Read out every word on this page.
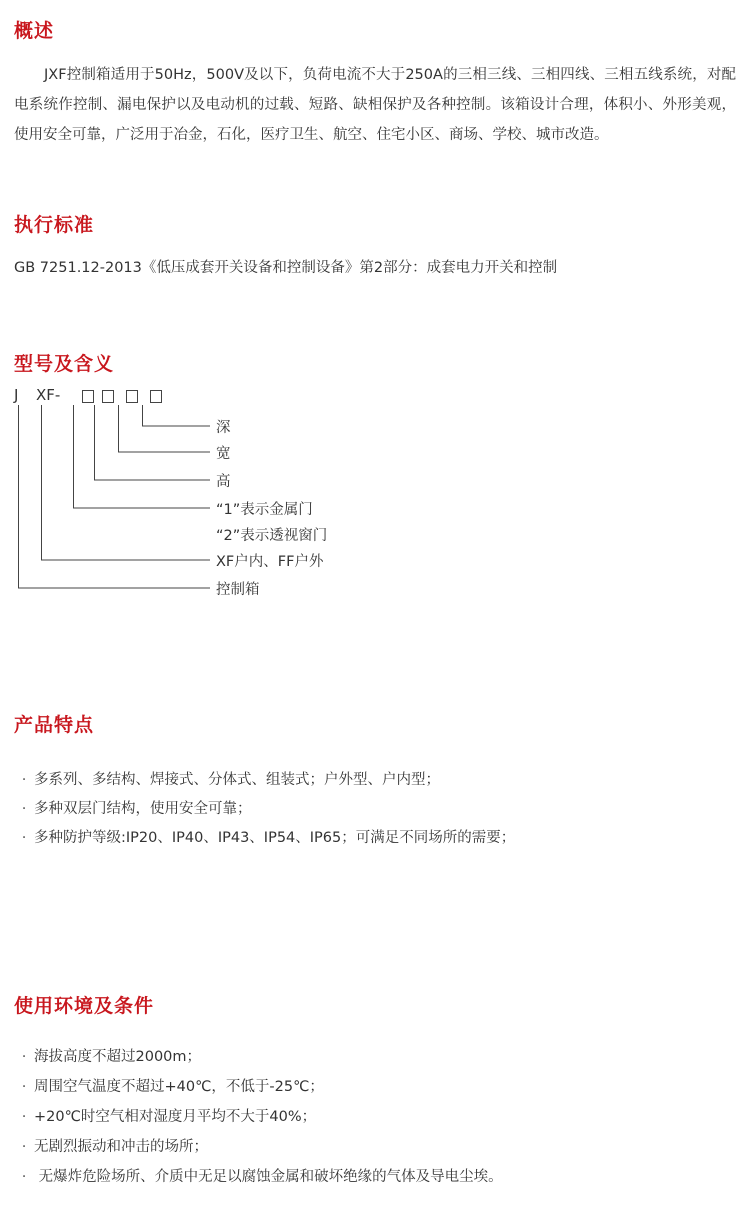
概述

JXF控制箱适用于50Hz，500V及以下，负荷电流不大于250A的三相三线、三相四线、三相五线系统，对配电系统作控制、漏电保护以及电动机的过载、短路、缺相保护及各种控制。该箱设计合理，体积小、外形美观，使用安全可靠，广泛用于冶金，石化，医疗卫生、航空、住宅小区、商场、学校、城市改造。

执行标准

GB 7251.12-2013《低压成套开关设备和控制设备》第2部分：成套电力开关和控制

型号及含义
J XF-
深
宽
高
“1”表示金属门
“2”表示透视窗门
XF户内、FF户外
控制箱
产品特点
· 多系列、多结构、焊接式、分体式、组装式；户外型、户内型；
· 多种双层门结构，使用安全可靠；
· 多种防护等级:IP20、IP40、IP43、IP54、IP65；可满足不同场所的需要；
使用环境及条件
· 海拔高度不超过2000m；
· 周围空气温度不超过+40℃，不低于-25℃；
· +20℃时空气相对湿度月平均不大于40%；
· 无剧烈振动和冲击的场所；
· 无爆炸危险场所、介质中无足以腐蚀金属和破坏绝缘的气体及导电尘埃。
